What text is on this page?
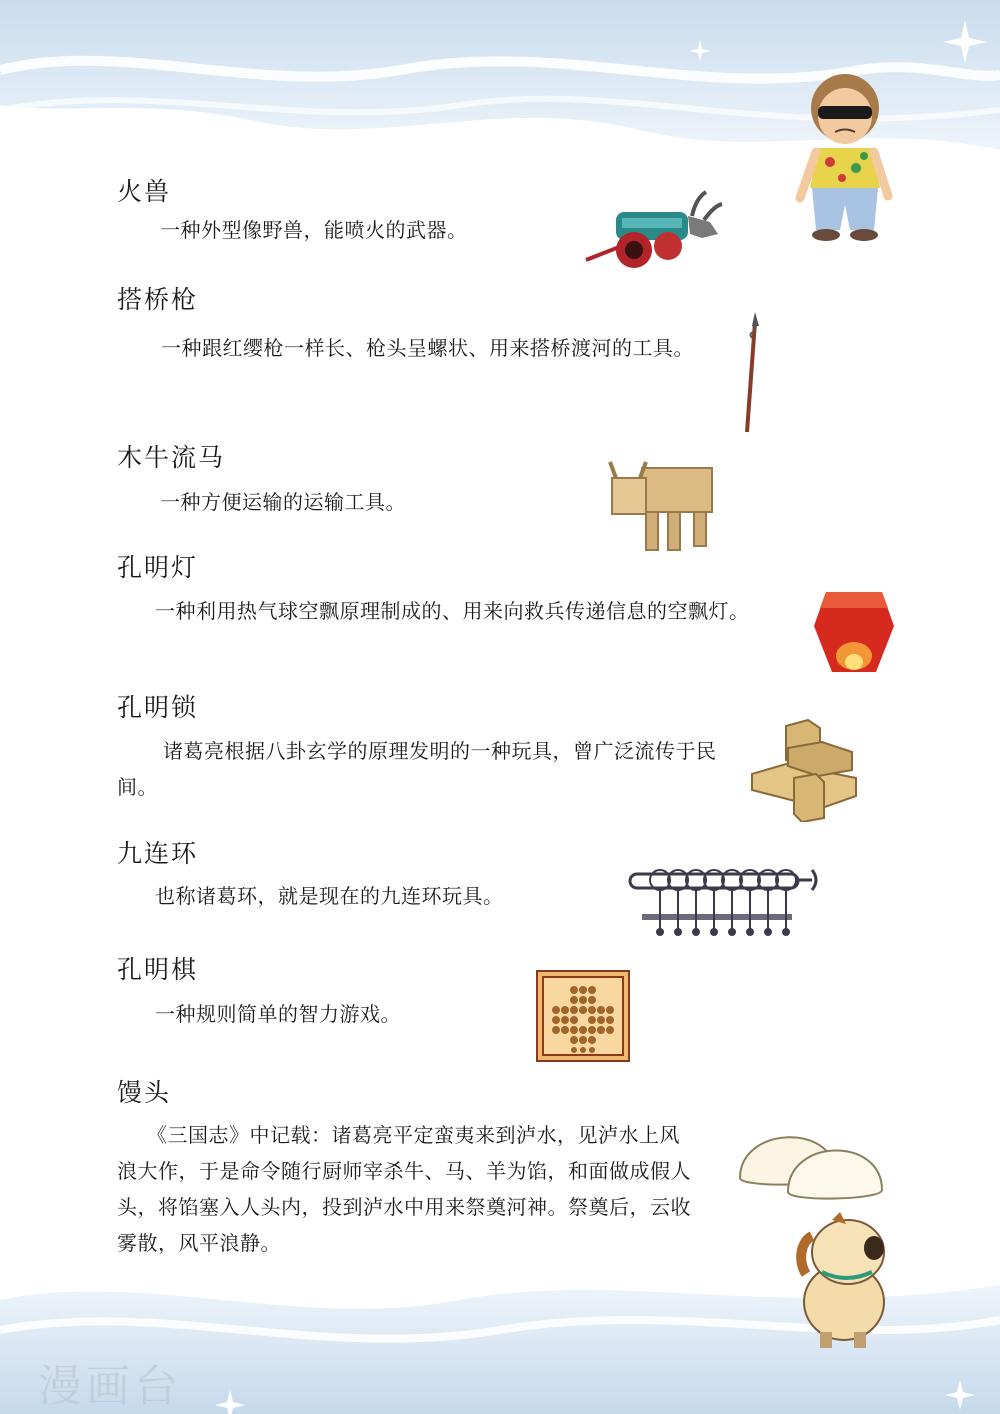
火兽

一种外型像野兽，能喷火的武器。

搭桥枪

一种跟红缨枪一样长、枪头呈螺状、用来搭桥渡河的工具。

木牛流马

一种方便运输的运输工具。

孔明灯

一种利用热气球空飘原理制成的、用来向救兵传递信息的空飘灯。

孔明锁

诸葛亮根据八卦玄学的原理发明的一种玩具，曾广泛流传于民间。

九连环

也称诸葛环，就是现在的九连环玩具。

孔明棋

一种规则简单的智力游戏。

馒头

《三国志》中记载：诸葛亮平定蛮夷来到泸水，见泸水上风浪大作，于是命令随行厨师宰杀牛、马、羊为馅，和面做成假人头，将馅塞入人头内，投到泸水中用来祭奠河神。祭奠后，云收雾散，风平浪静。

漫画台
